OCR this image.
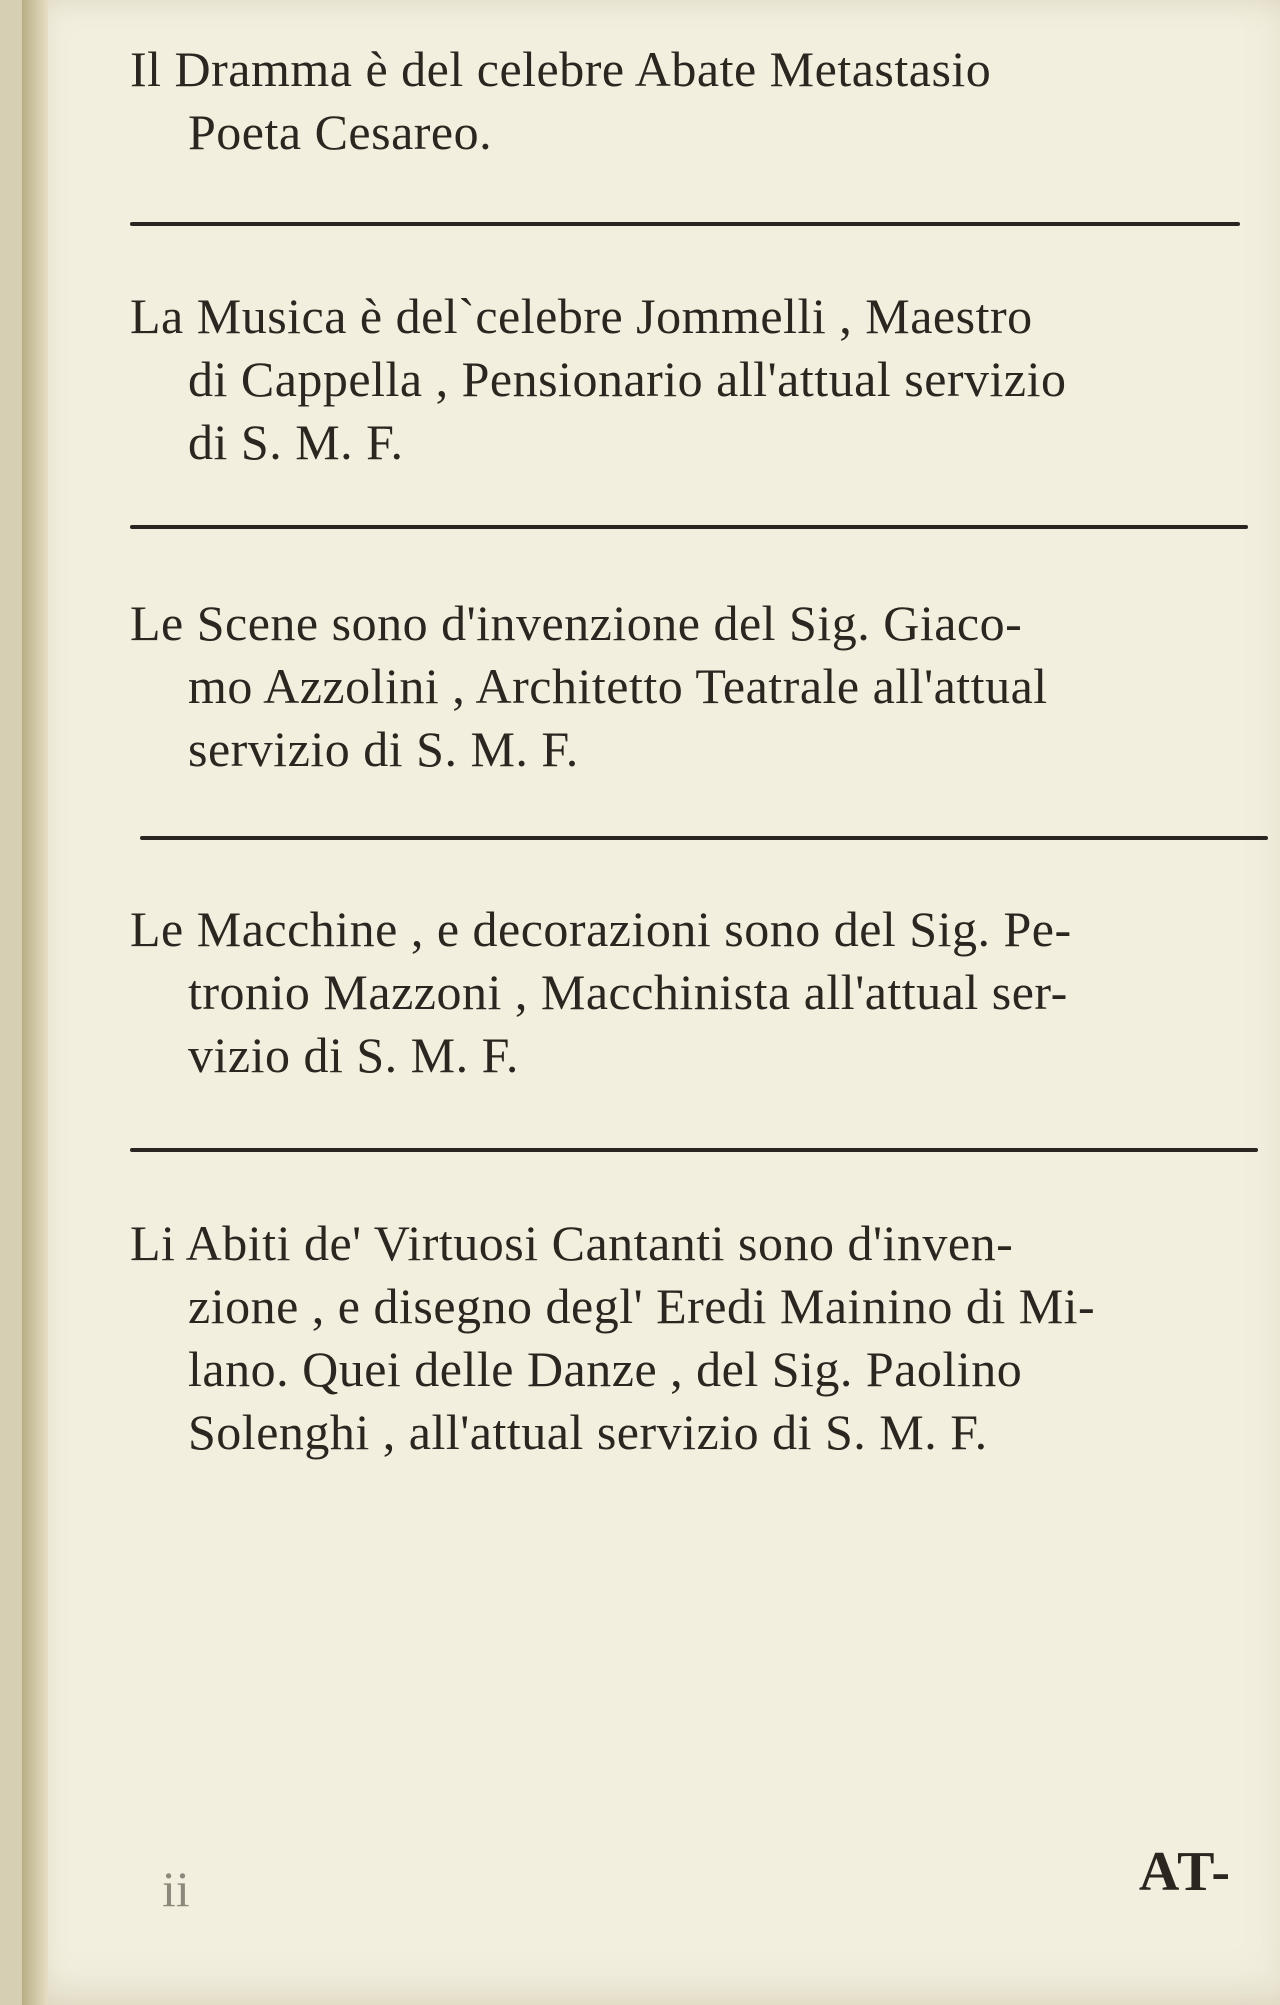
Il Dramma è del celebre Abate Metastasio
Poeta Cesareo.
La Musica è del`celebre Jommelli , Maestro
di Cappella , Pensionario all'attual servizio
di S. M. F.
Le Scene sono d'invenzione del Sig. Giaco-
mo Azzolini , Architetto Teatrale all'attual
servizio di S. M. F.
Le Macchine , e decorazioni sono del Sig. Pe-
tronio Mazzoni , Macchinista all'attual ser-
vizio di S. M. F.
Li Abiti de' Virtuosi Cantanti sono d'inven-
zione , e disegno degl' Eredi Mainino di Mi-
lano. Quei delle Danze , del Sig. Paolino
Solenghi , all'attual servizio di S. M. F.
ii	AT-
